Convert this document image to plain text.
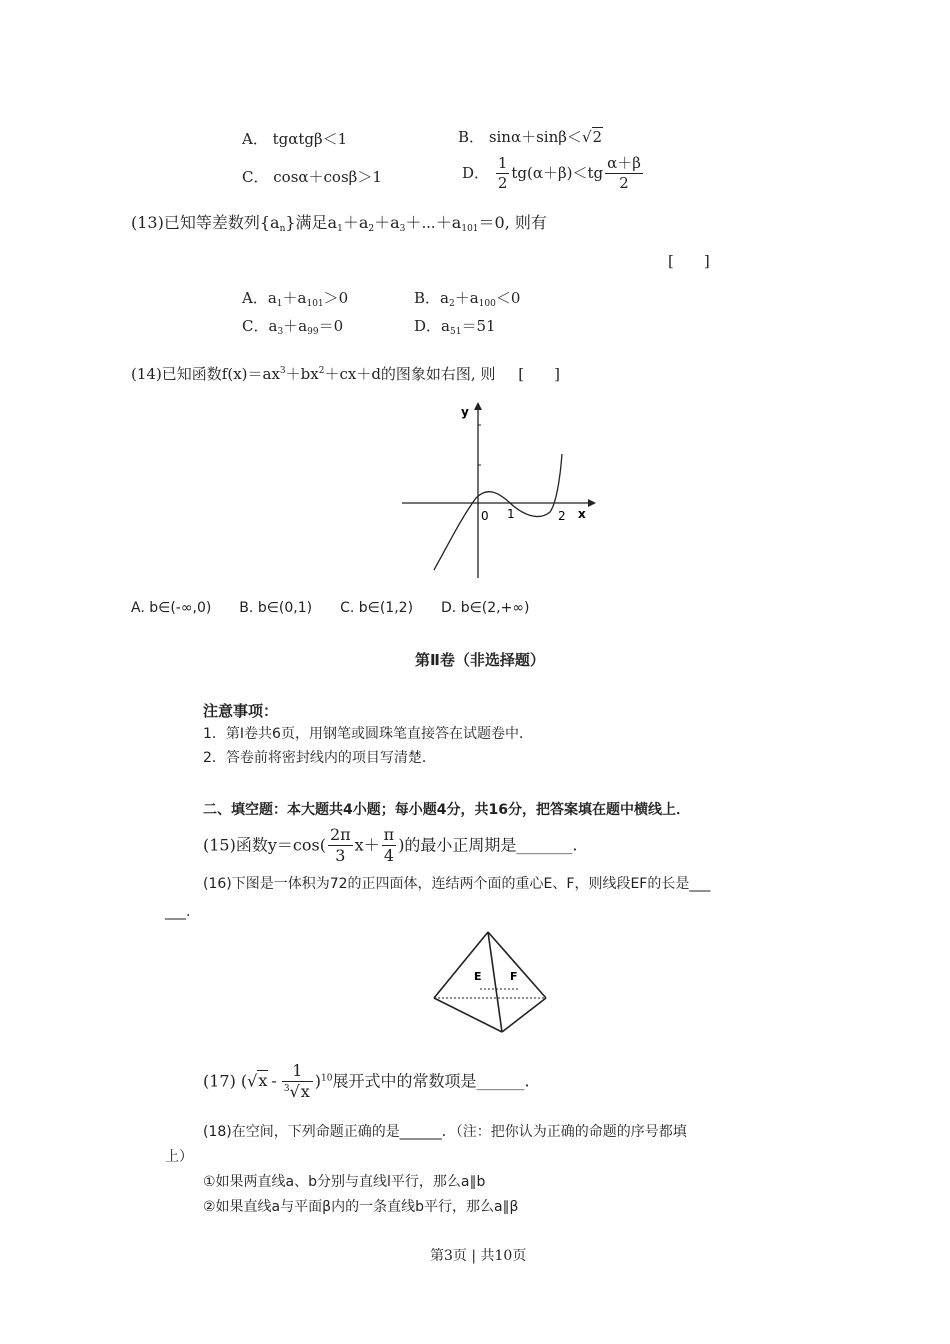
A． tgαtgβ＜1	B． sinα＋sinβ＜√2
C． cosα＋cosβ＞1	D． $\frac{1}{2} tg(\alpha+\beta)<tg \frac{\alpha+\beta}{2}$
(13)已知等差数列$\{a_n\}$满足$a_1+a_2+a_3+\cdots+a_{101}=0$, 则有
[　　]
A．$a_1+a_{101}>0$	B．$a_2+a_{100}<0$
C．$a_3+a_{99}=0$	D．$a_{51}=51$
(14)已知函数$f(x)=ax^3+bx^2+cx+d$的图象如右图, 则 [　　]
y
x
0 1	2
A. b∈(-∞,0)　　B. b∈(0,1)　　C. b∈(1,2)　　D. b∈(2,+∞)
第Ⅱ卷（非选择题）
注意事项：
1．第Ⅰ卷共6页，用钢笔或圆珠笔直接答在试题卷中．
2．答卷前将密封线内的项目写清楚．
二、填空题：本大题共4小题；每小题4分，共16分，把答案填在题中横线上．
(15)函数$y=\cos( \frac{2\pi}{3} x+ \frac{\pi}{4}$ )的最小正周期是_______.
(16)下图是一体积为72的正四面体，连结两个面的重心E、F，则线段EF的长是___
___.
E	F
(17) $(√x - \frac{1}{^3√x} )^{10}$展开式中的常数项是______.
(18)在空间，下列命题正确的是______．（注：把你认为正确的命题的序号都填
上）
①如果两直线a、b分别与直线l平行，那么a∥b
②如果直线a与平面β内的一条直线b平行，那么a∥β
第3页 | 共10页
